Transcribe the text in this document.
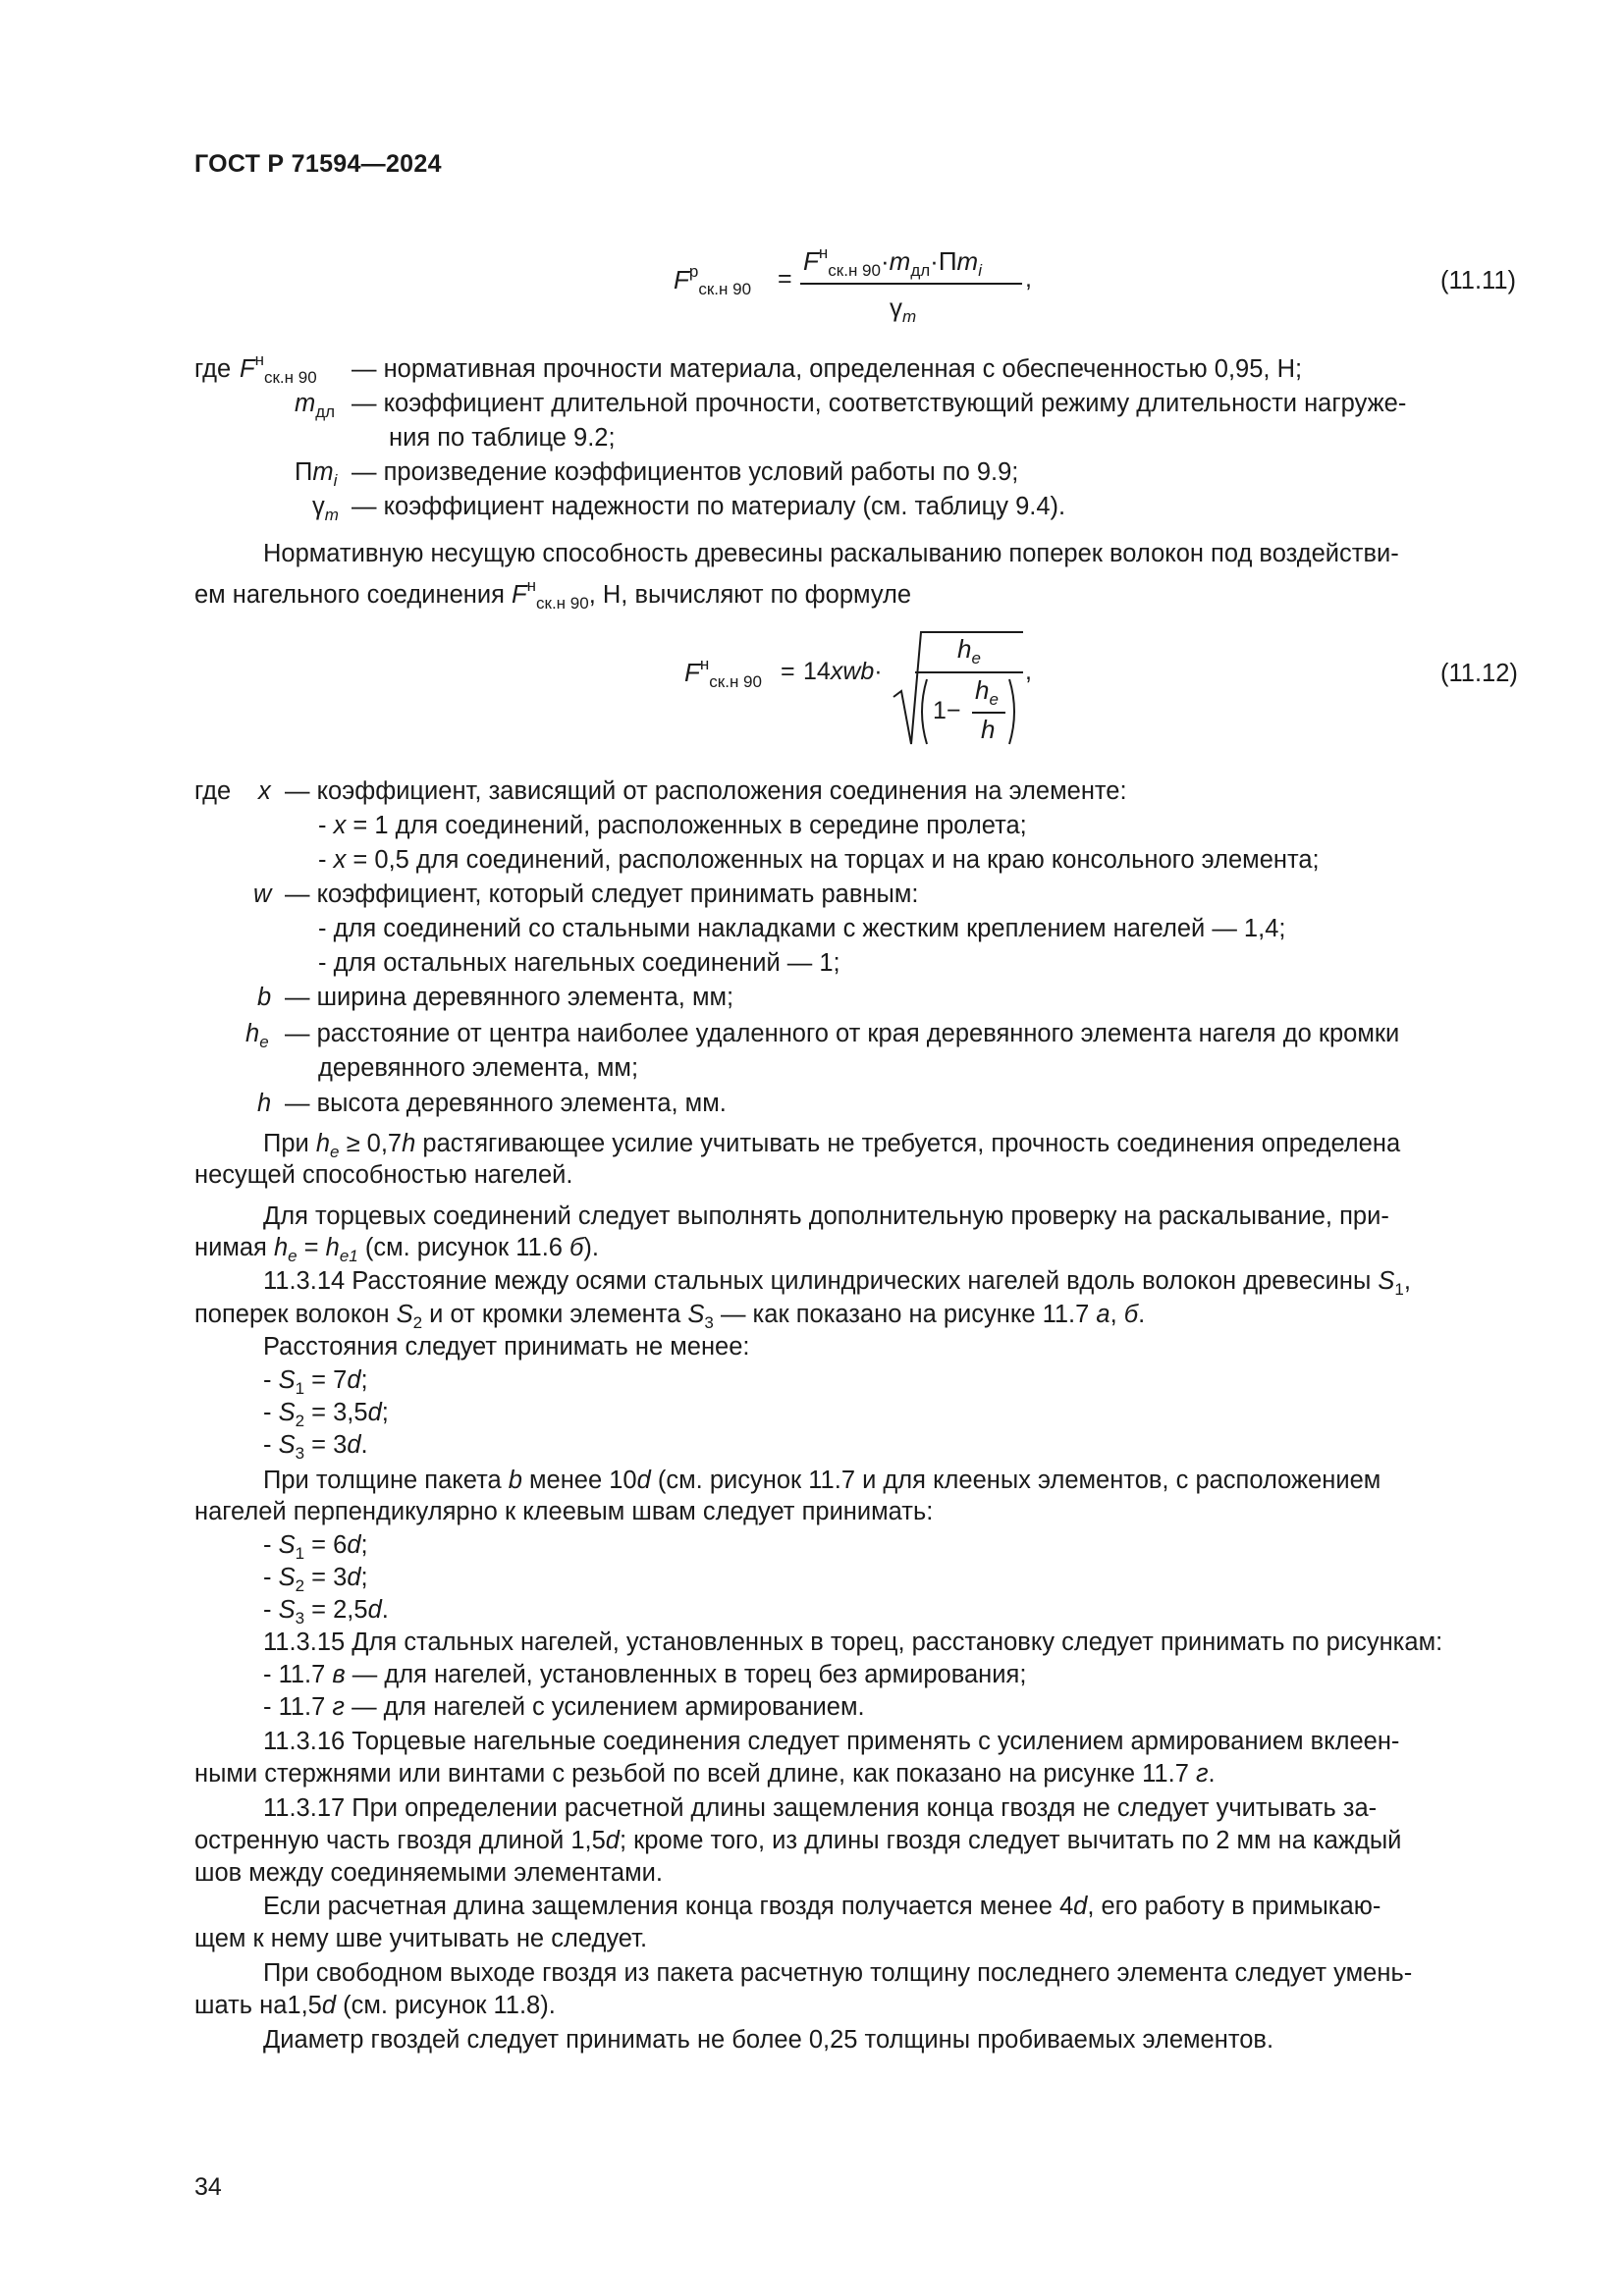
ГОСТ Р 71594—2024
$F^р_{ск.н 90}$ =
$F^н_{ск.н 90}\cdot m_{дл}\cdot Пm_i$ ,
$\gamma_m$
(11.11)
где $F^н_{ск.н 90}$ — нормативная прочности материала, определенная с обеспеченностью 0,95, Н;
$m_{дл}$ — коэффициент длительной прочности, соответствующий режиму длительности нагруже-
ния по таблице 9.2;
$Пm_i$ — произведение коэффициентов условий работы по 9.9;
$\gamma_m$ — коэффициент надежности по материалу (см. таблицу 9.4).
Нормативную несущую способность древесины раскалыванию поперек волокон под воздействи-
ем нагельного соединения $F^н_{ск.н 90}$, Н, вычисляют по формуле
$F^н_{ск.н 90} = 14xwb\cdot$
$h_e$
1−
$h_e$
h
,	(11.12)
где x — коэффициент, зависящий от расположения соединения на элементе:
- x = 1 для соединений, расположенных в середине пролета;
- x = 0,5 для соединений, расположенных на торцах и на краю консольного элемента;
w — коэффициент, который следует принимать равным:
- для соединений со стальными накладками с жестким креплением нагелей — 1,4;
- для остальных нагельных соединений — 1;
b — ширина деревянного элемента, мм;
$h_e$ — расстояние от центра наиболее удаленного от края деревянного элемента нагеля до кромки
деревянного элемента, мм;
h — высота деревянного элемента, мм.
При $h_e \ge 0,7h$ растягивающее усилие учитывать не требуется, прочность соединения определена
несущей способностью нагелей.
Для торцевых соединений следует выполнять дополнительную проверку на раскалывание, при-
нимая $h_e = h_{e1}$ (см. рисунок 11.6 б).
11.3.14 Расстояние между осями стальных цилиндрических нагелей вдоль волокон древесины $S_1$,
поперек волокон $S_2$ и от кромки элемента $S_3$ — как показано на рисунке 11.7 а, б.
Расстояния следует принимать не менее:
- $S_1 = 7d$;
- $S_2 = 3,5d$;
- $S_3 = 3d$.
При толщине пакета b менее 10d (см. рисунок 11.7 и для клееных элементов, с расположением
нагелей перпендикулярно к клеевым швам следует принимать:
- $S_1 = 6d$;
- $S_2 = 3d$;
- $S_3 = 2,5d$.
11.3.15 Для стальных нагелей, установленных в торец, расстановку следует принимать по рисункам:
- 11.7 в — для нагелей, установленных в торец без армирования;
- 11.7 г — для нагелей с усилением армированием.
11.3.16 Торцевые нагельные соединения следует применять с усилением армированием вклеен-
ными стержнями или винтами с резьбой по всей длине, как показано на рисунке 11.7 г.
11.3.17 При определении расчетной длины защемления конца гвоздя не следует учитывать за-
остренную часть гвоздя длиной 1,5d; кроме того, из длины гвоздя следует вычитать по 2 мм на каждый
шов между соединяемыми элементами.
Если расчетная длина защемления конца гвоздя получается менее 4d, его работу в примыкаю-
щем к нему шве учитывать не следует.
При свободном выходе гвоздя из пакета расчетную толщину последнего элемента следует умень-
шать на1,5d (см. рисунок 11.8).
Диаметр гвоздей следует принимать не более 0,25 толщины пробиваемых элементов.
34
